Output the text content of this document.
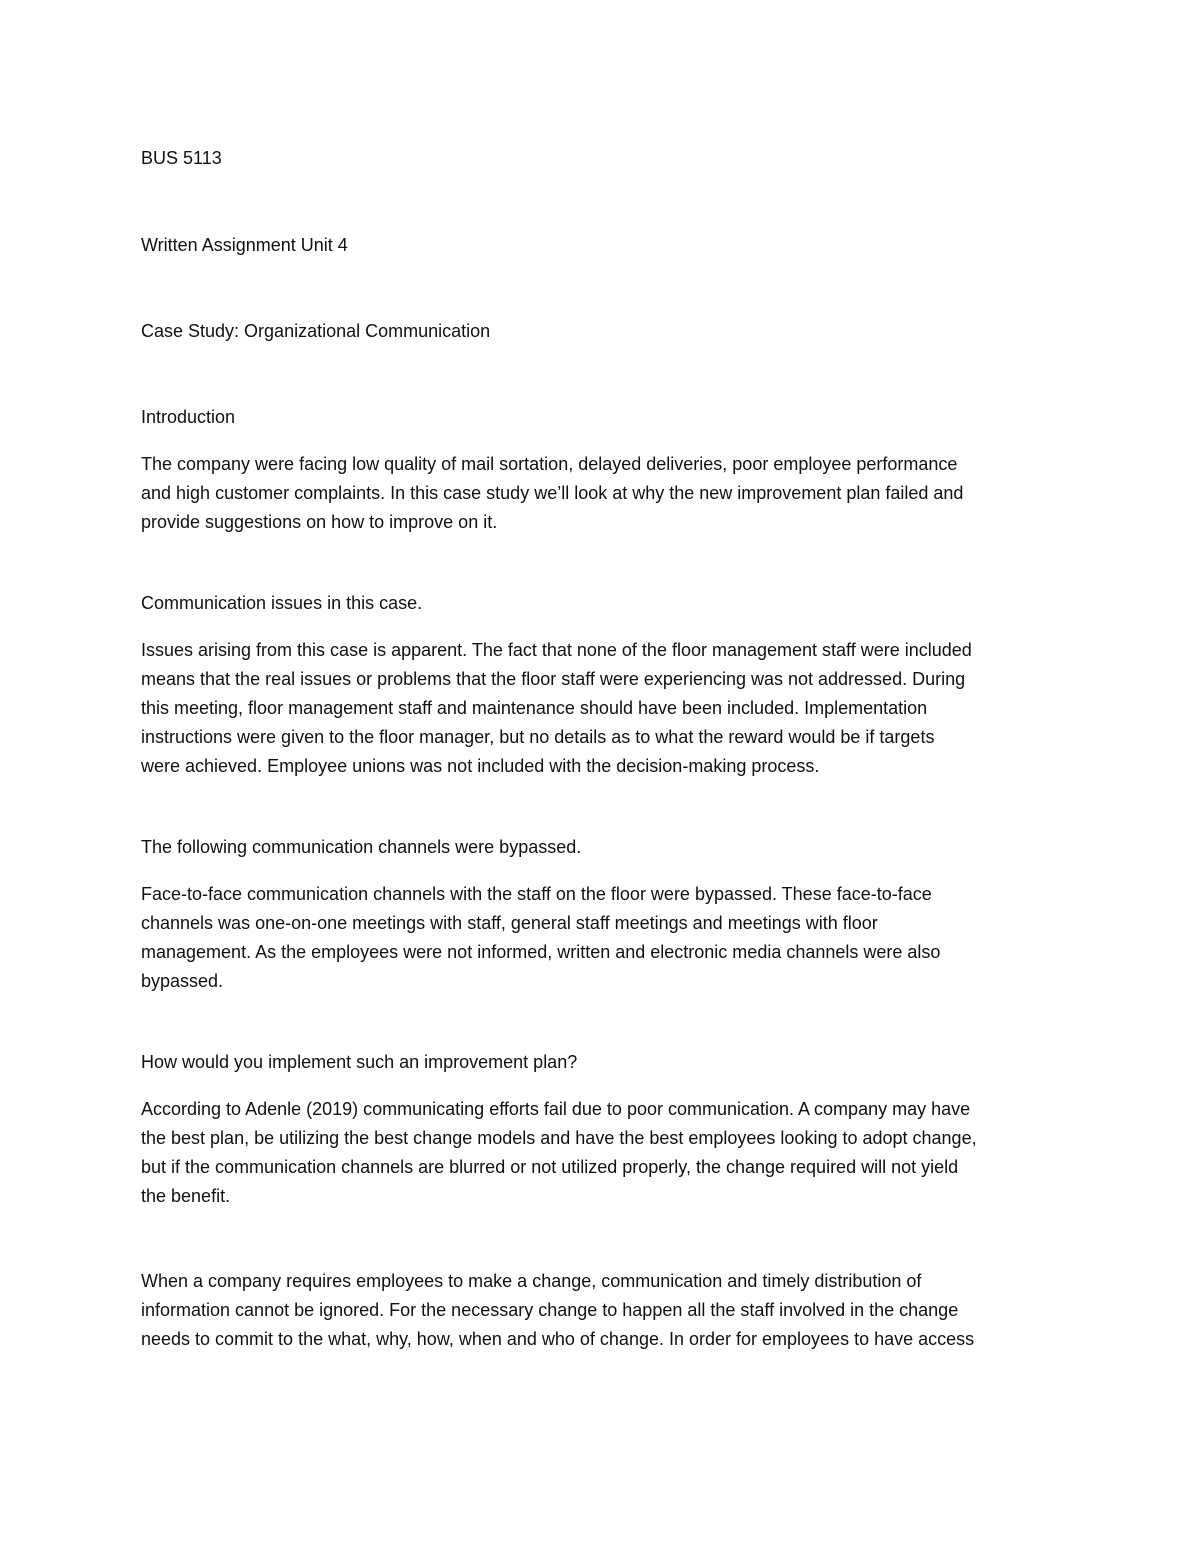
BUS 5113

Written Assignment Unit 4

Case Study: Organizational Communication

Introduction

The company were facing low quality of mail sortation, delayed deliveries, poor employee performance
and high customer complaints. In this case study we’ll look at why the new improvement plan failed and
provide suggestions on how to improve on it.

Communication issues in this case.

Issues arising from this case is apparent. The fact that none of the floor management staff were included
means that the real issues or problems that the floor staff were experiencing was not addressed. During
this meeting, floor management staff and maintenance should have been included. Implementation
instructions were given to the floor manager, but no details as to what the reward would be if targets
were achieved. Employee unions was not included with the decision-making process.

The following communication channels were bypassed.

Face-to-face communication channels with the staff on the floor were bypassed. These face-to-face
channels was one-on-one meetings with staff, general staff meetings and meetings with floor
management. As the employees were not informed, written and electronic media channels were also
bypassed.

How would you implement such an improvement plan?

According to Adenle (2019) communicating efforts fail due to poor communication. A company may have
the best plan, be utilizing the best change models and have the best employees looking to adopt change,
but if the communication channels are blurred or not utilized properly, the change required will not yield
the benefit.
When a company requires employees to make a change, communication and timely distribution of
information cannot be ignored. For the necessary change to happen all the staff involved in the change
needs to commit to the what, why, how, when and who of change. In order for employees to have access
